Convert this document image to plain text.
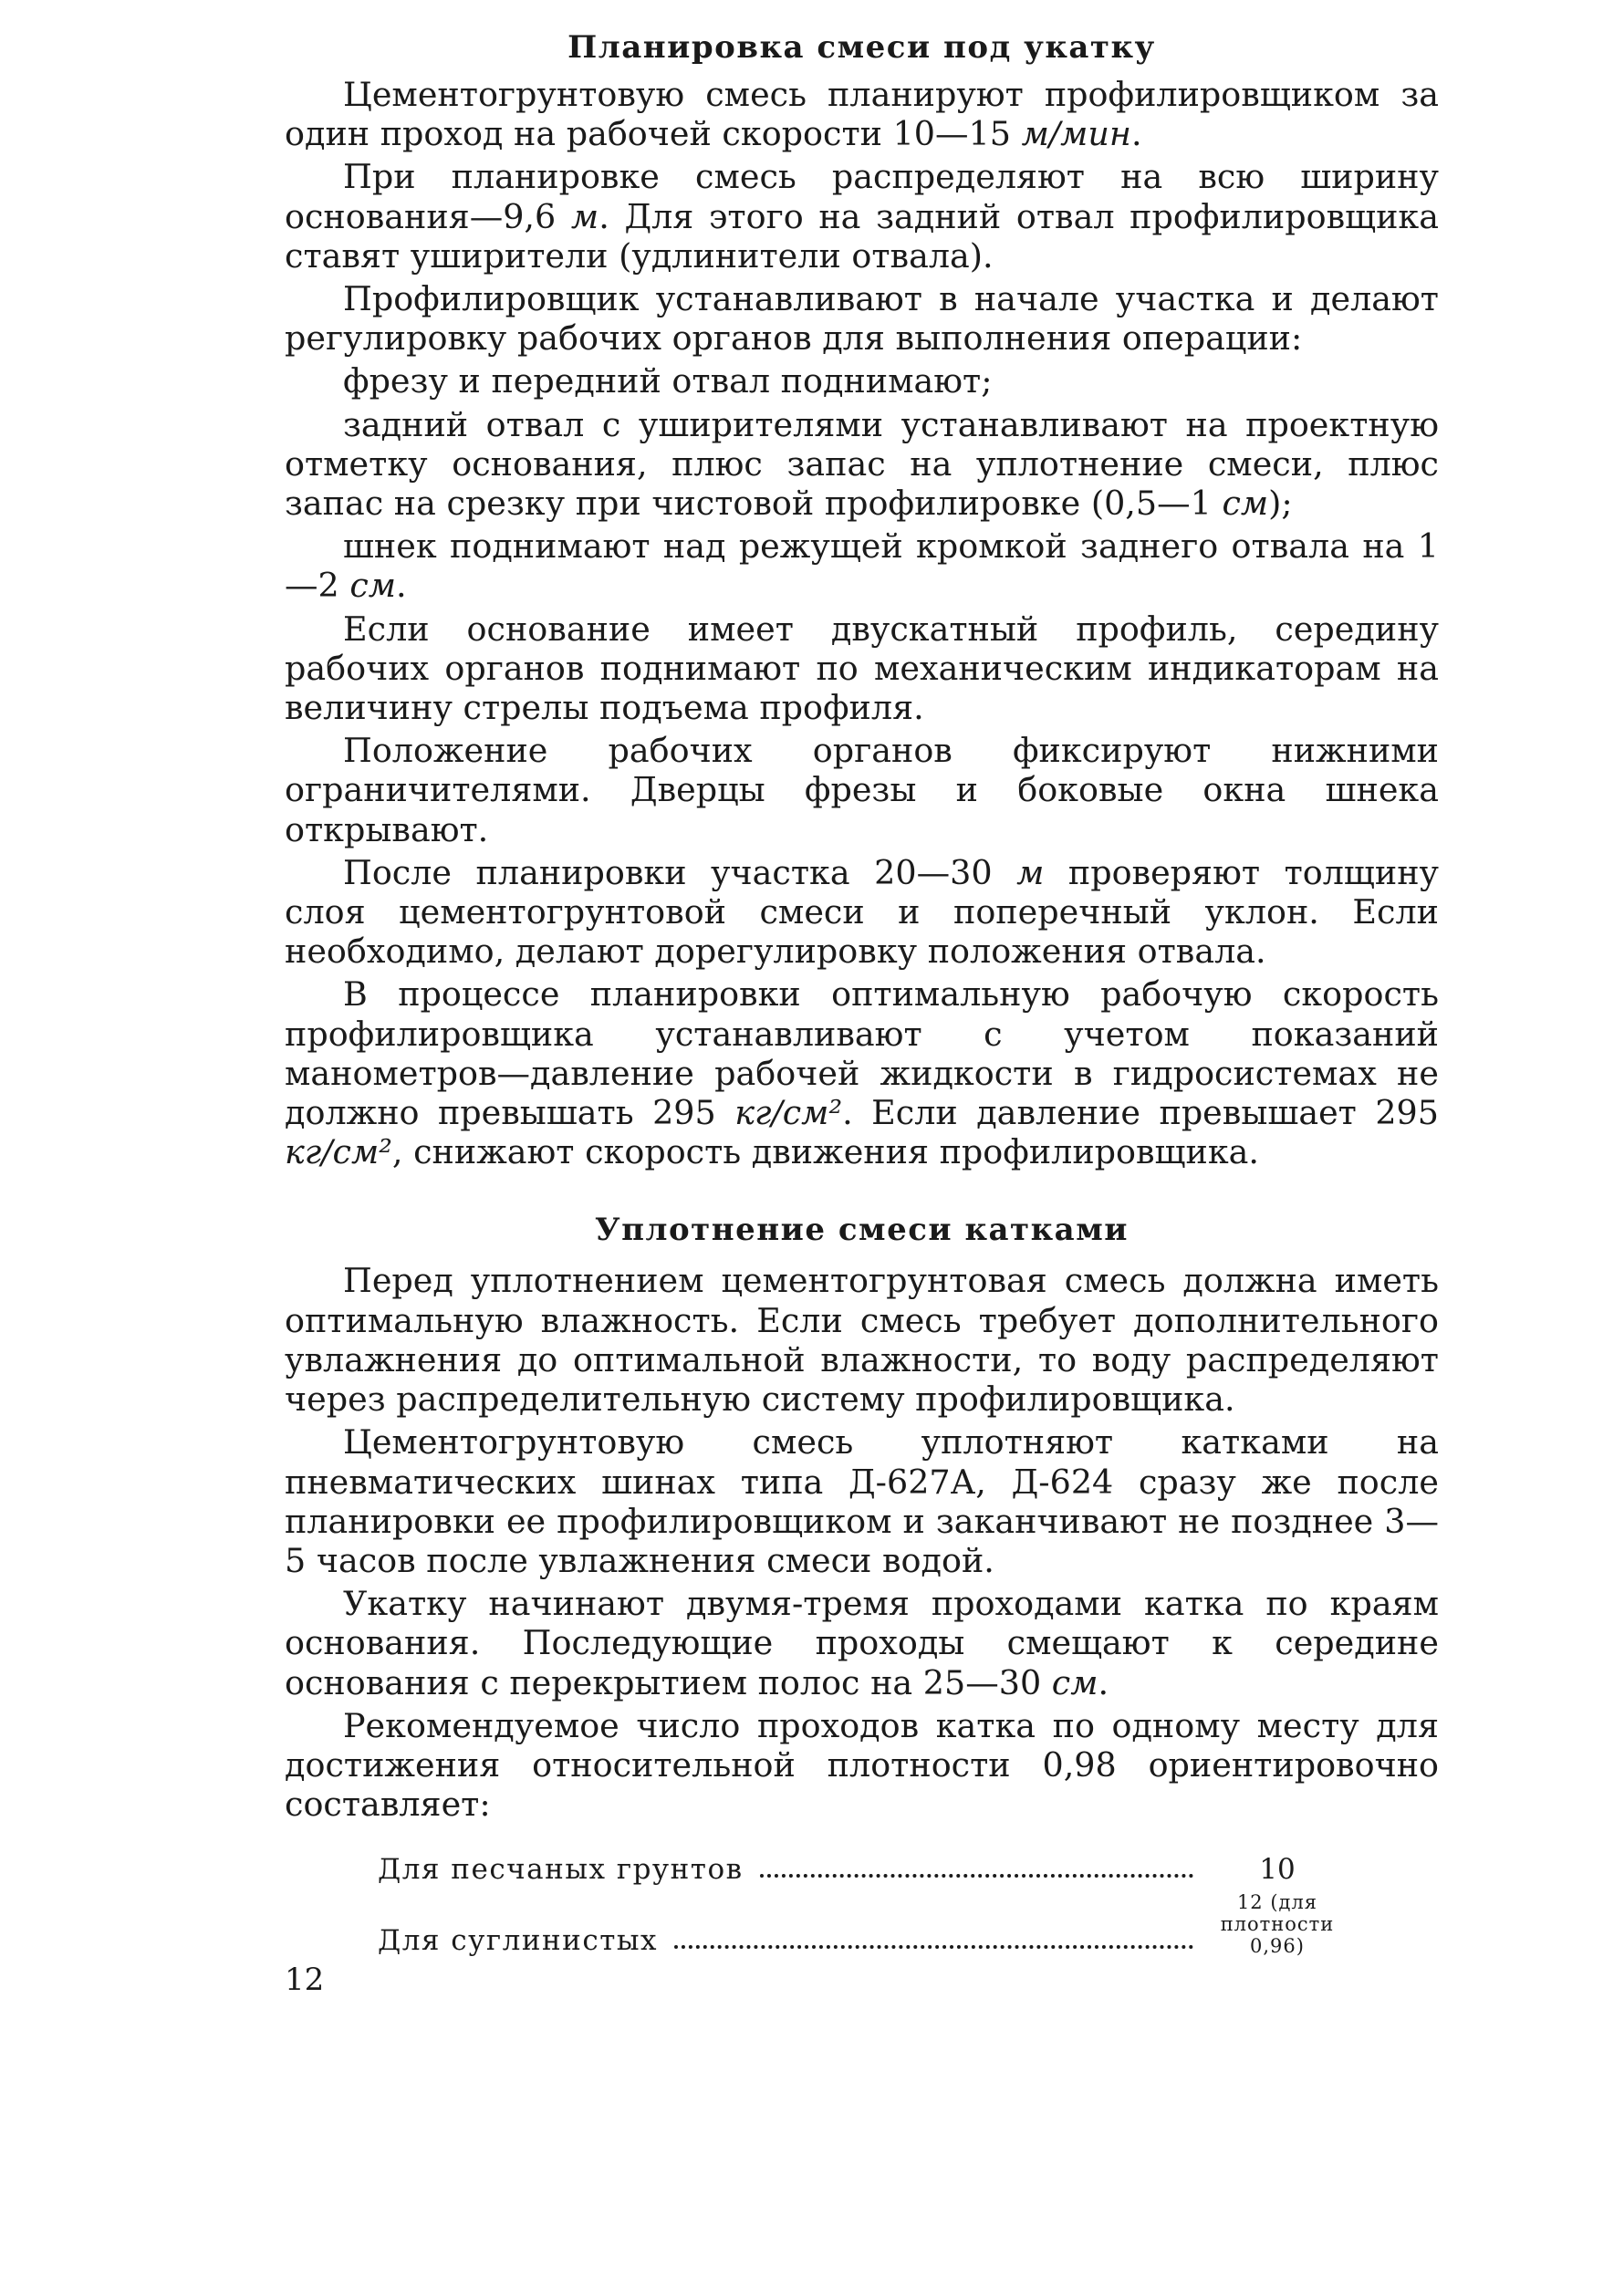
Планировка смеси под укатку

Цементогрунтовую смесь планируют профилировщиком за один проход на рабочей скорости 10—15 м/мин.

При планировке смесь распределяют на всю ширину основания—9,6 м. Для этого на задний отвал профилировщика ставят уширители (удлинители отвала).

Профилировщик устанавливают в начале участка и делают регулировку рабочих органов для выполнения операции:

фрезу и передний отвал поднимают;

задний отвал с уширителями устанавливают на проектную отметку основания, плюс запас на уплотнение смеси, плюс запас на срезку при чистовой профилировке (0,5—1 см);

шнек поднимают над режущей кромкой заднего отвала на 1—2 см.

Если основание имеет двускатный профиль, середину рабочих органов поднимают по механическим индикаторам на величину стрелы подъема профиля.

Положение рабочих органов фиксируют нижними ограничителями. Дверцы фрезы и боковые окна шнека открывают.

После планировки участка 20—30 м проверяют толщину слоя цементогрунтовой смеси и поперечный уклон. Если необходимо, делают дорегулировку положения отвала.

В процессе планировки оптимальную рабочую скорость профилировщика устанавливают с учетом показаний манометров—давление рабочей жидкости в гидросистемах не должно превышать 295 кг/см². Если давление превышает 295 кг/см², снижают скорость движения профилировщика.

Уплотнение смеси катками

Перед уплотнением цементогрунтовая смесь должна иметь оптимальную влажность. Если смесь требует дополнительного увлажнения до оптимальной влажности, то воду распределяют через распределительную систему профилировщика.

Цементогрунтовую смесь уплотняют катками на пневматических шинах типа Д-627А, Д-624 сразу же после планировки ее профилировщиком и заканчивают не позднее 3—5 часов после увлажнения смеси водой.

Укатку начинают двумя-тремя проходами катка по краям основания. Последующие проходы смещают к середине основания с перекрытием полос на 25—30 см.

Рекомендуемое число проходов катка по одному месту для достижения относительной плотности 0,98 ориентировочно составляет:

Для песчаных грунтов	10
Для суглинистых
12 (для
плотности
0,96)
12
